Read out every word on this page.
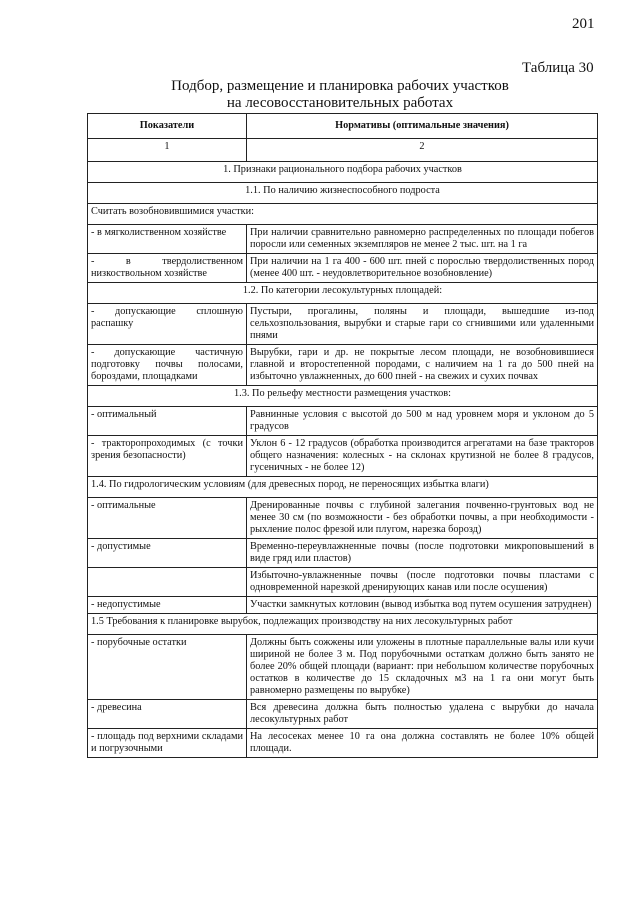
201
Таблица 30
Подбор, размещение и планировка рабочих участков
на лесовосстановительных работах
Показатели	Нормативы (оптимальные значения)
1	2
1. Признаки рационального подбора рабочих участков	
1.1. По наличию жизнеспособного подроста	
Считать возобновившимися участки:	
- в мягколиственном хозяйстве	При наличии сравнительно равномерно распределенных по площади побегов поросли или семенных экземпляров не менее 2 тыс. шт. на 1 га
- в твердолиственном низкоствольном хозяйстве	При наличии на 1 га 400 - 600 шт. пней с порослью твердолиственных пород (менее 400 шт. - неудовлетворительное возобновление)
1.2. По категории лесокультурных площадей:	
- допускающие сплошную распашку	Пустыри, прогалины, поляны и площади, вышедшие из-под сельхозпользования, вырубки и старые гари со сгнившими или удаленными пнями
- допускающие частичную подготовку почвы полосами, бороздами, площадками	Вырубки, гари и др. не покрытые лесом площади, не возобновившиеся главной и второстепенной породами, с наличием на 1 га до 500 пней на избыточно увлажненных, до 600 пней - на свежих и сухих почвах
1.3. По рельефу местности размещения участков:	
- оптимальный	Равнинные условия с высотой до 500 м над уровнем моря и уклоном до 5 градусов
- тракторопроходимых (с точки зрения безопасности)	Уклон 6 - 12 градусов (обработка производится агрегатами на базе тракторов общего назначения: колесных - на склонах крутизной не более 8 градусов, гусеничных - не более 12)
1.4. По гидрологическим условиям (для древесных пород, не переносящих избытка влаги)	
- оптимальные	Дренированные почвы с глубиной залегания почвенно-грунтовых вод не менее 30 см (по возможности - без обработки почвы, а при необходимости - рыхление полос фрезой или плугом, нарезка борозд)
- допустимые	Временно-переувлажненные почвы (после подготовки микроповышений в виде гряд или пластов)
	Избыточно-увлажненные почвы (после подготовки почвы пластами с одновременной нарезкой дренирующих канав или после осушения)
- недопустимые	Участки замкнутых котловин (вывод избытка вод путем осушения затруднен)
1.5 Требования к планировке вырубок, подлежащих производству на них лесокультурных работ	
- порубочные остатки	Должны быть сожжены или уложены в плотные параллельные валы или кучи шириной не более 3 м. Под порубочными остаткам должно быть занято не более 20% общей площади (вариант: при небольшом количестве порубочных остатков в количестве до 15 складочных м3 на 1 га они могут быть равномерно размещены по вырубке)
- древесина	Вся древесина должна быть полностью удалена с вырубки до начала лесокультурных работ
- площадь под верхними складами и погрузочными	На лесосеках менее 10 га она должна составлять не более 10% общей площади.
